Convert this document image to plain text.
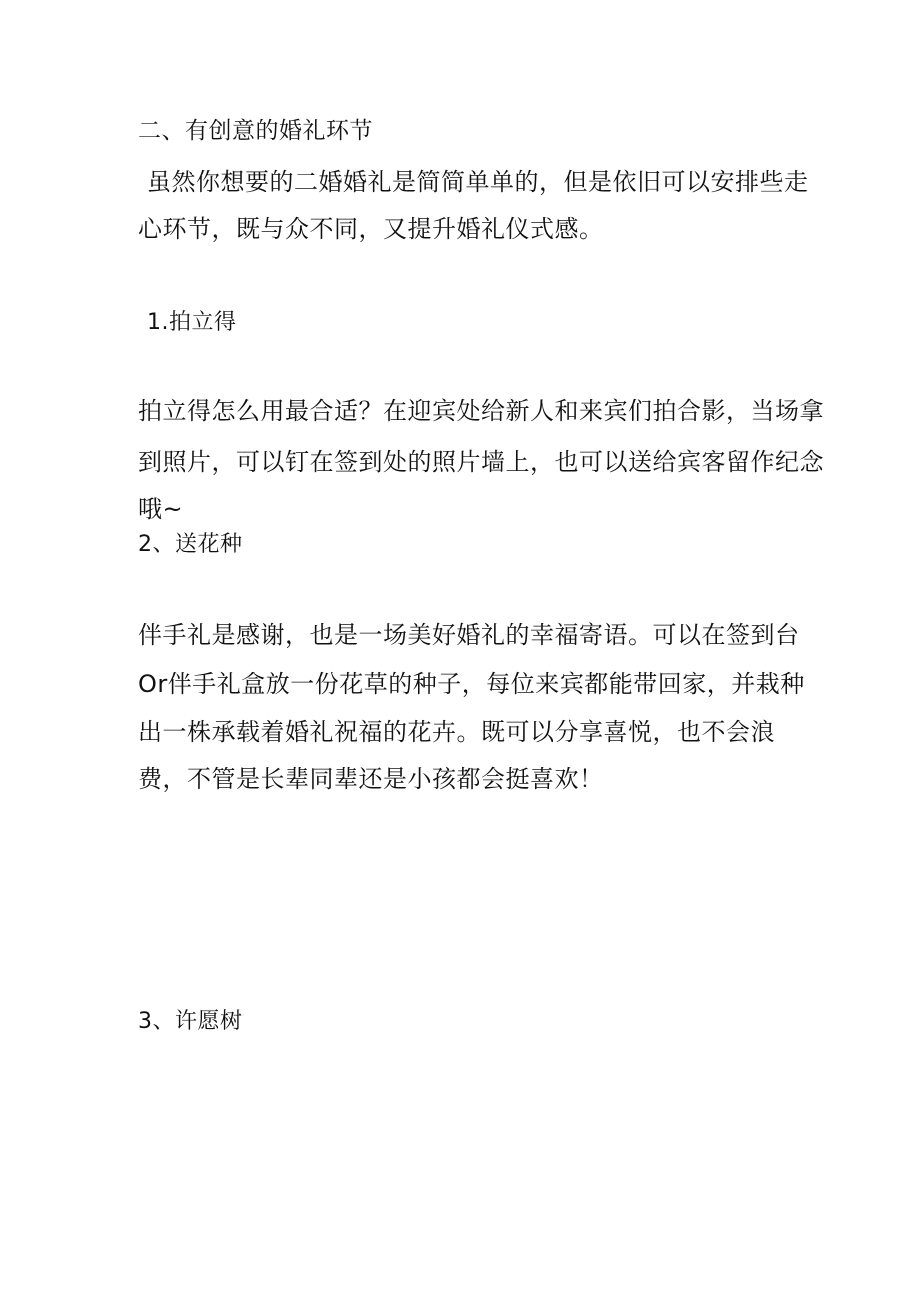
二、有创意的婚礼环节

虽然你想要的二婚婚礼是简简单单的，但是依旧可以安排些走

心环节，既与众不同，又提升婚礼仪式感。

1.拍立得

拍立得怎么用最合适？在迎宾处给新人和来宾们拍合影，当场拿

到照片，可以钉在签到处的照片墙上，也可以送给宾客留作纪念

哦~

2、送花种

伴手礼是感谢，也是一场美好婚礼的幸福寄语。可以在签到台

Or伴手礼盒放一份花草的种子，每位来宾都能带回家，并栽种

出一株承载着婚礼祝福的花卉。既可以分享喜悦，也不会浪

费，不管是长辈同辈还是小孩都会挺喜欢！

3、许愿树
